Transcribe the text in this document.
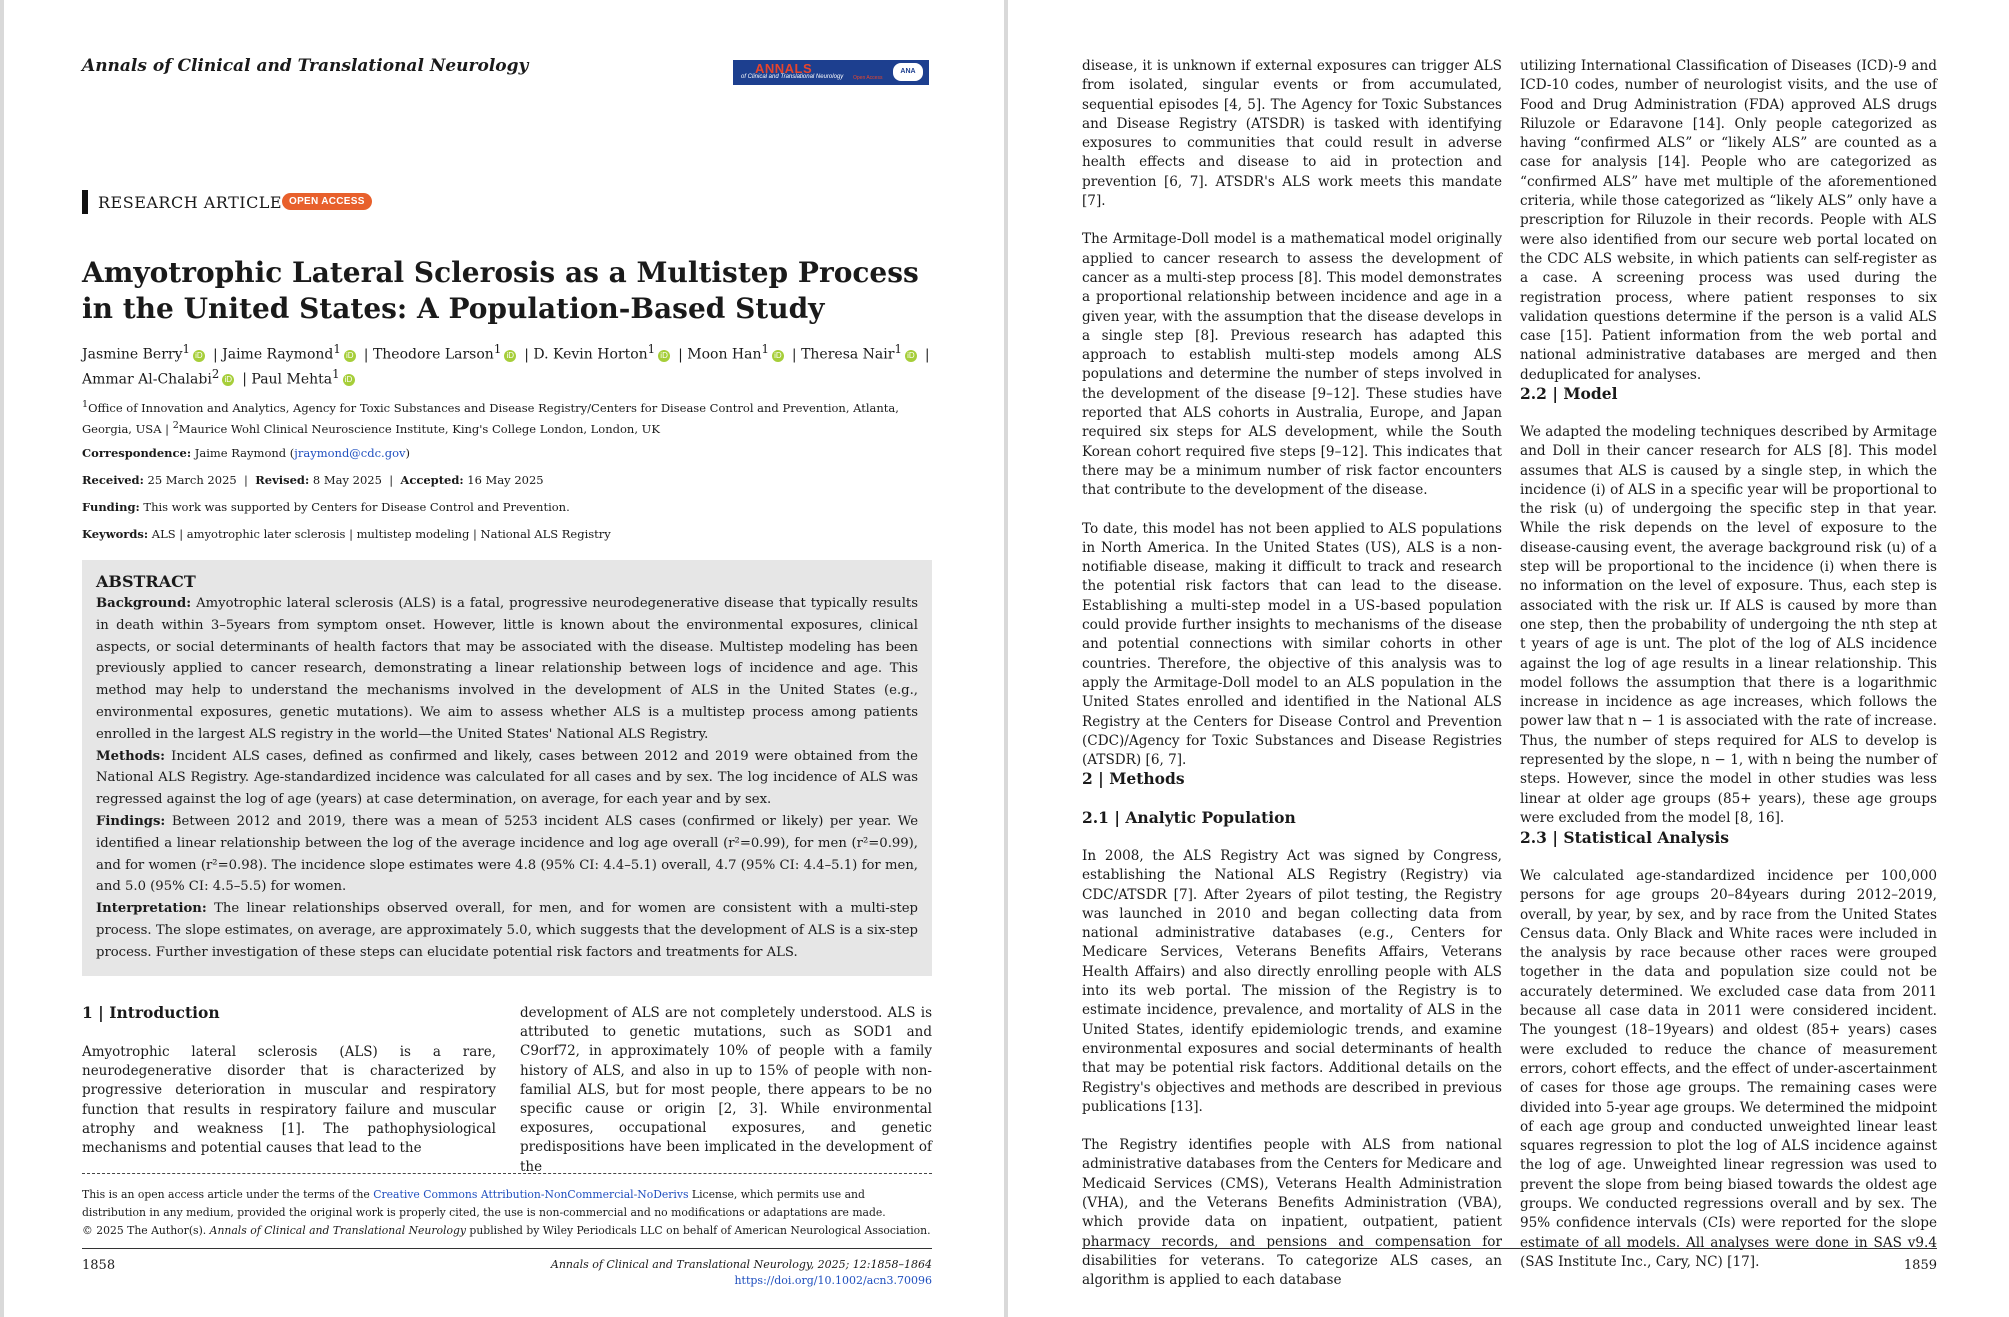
Annals of Clinical and Translational Neurology	ANNALS
of Clinical and Translational Neurology Open Access
ANA
RESEARCH ARTICLE OPEN ACCESS
Amyotrophic Lateral Sclerosis as a Multistep Process in the United States: A Population-Based Study
Jasmine Berry$^1$ iD | Jaime Raymond$^1$ iD | Theodore Larson$^1$ iD | D. Kevin Horton$^1$ iD | Moon Han$^1$ iD | Theresa Nair$^1$ iD |
Ammar Al-Chalabi$^2$ iD | Paul Mehta$^1$ iD
$^1$Office of Innovation and Analytics, Agency for Toxic Substances and Disease Registry/Centers for Disease Control and Prevention, Atlanta, Georgia, USA | $^2$Maurice Wohl Clinical Neuroscience Institute, King's College London, London, UK
Correspondence: Jaime Raymond (jraymond@cdc.gov)
Received: 25 March 2025  |  Revised: 8 May 2025  |  Accepted: 16 May 2025
Funding: This work was supported by Centers for Disease Control and Prevention.
Keywords: ALS | amyotrophic later sclerosis | multistep modeling | National ALS Registry
ABSTRACT

Background: Amyotrophic lateral sclerosis (ALS) is a fatal, progressive neurodegenerative disease that typically results in death within 3–5years from symptom onset. However, little is known about the environmental exposures, clinical aspects, or social determinants of health factors that may be associated with the disease. Multistep modeling has been previously applied to cancer research, demonstrating a linear relationship between logs of incidence and age. This method may help to understand the mechanisms involved in the development of ALS in the United States (e.g., environmental exposures, genetic mutations). We aim to assess whether ALS is a multistep process among patients enrolled in the largest ALS registry in the world—the United States' National ALS Registry.

Methods: Incident ALS cases, defined as confirmed and likely, cases between 2012 and 2019 were obtained from the National ALS Registry. Age-standardized incidence was calculated for all cases and by sex. The log incidence of ALS was regressed against the log of age (years) at case determination, on average, for each year and by sex.

Findings: Between 2012 and 2019, there was a mean of 5253 incident ALS cases (confirmed or likely) per year. We identified a linear relationship between the log of the average incidence and log age overall (r²=0.99), for men (r²=0.99), and for women (r²=0.98). The incidence slope estimates were 4.8 (95% CI: 4.4–5.1) overall, 4.7 (95% CI: 4.4–5.1) for men, and 5.0 (95% CI: 4.5–5.5) for women.

Interpretation: The linear relationships observed overall, for men, and for women are consistent with a multi-step process. The slope estimates, on average, are approximately 5.0, which suggests that the development of ALS is a six-step process. Further investigation of these steps can elucidate potential risk factors and treatments for ALS.

1 | Introduction

Amyotrophic lateral sclerosis (ALS) is a rare, neurodegenerative disorder that is characterized by progressive deterioration in muscular and respiratory function that results in respiratory failure and muscular atrophy and weakness [1]. The pathophysiological mechanisms and potential causes that lead to the

development of ALS are not completely understood. ALS is attributed to genetic mutations, such as SOD1 and C9orf72, in approximately 10% of people with a family history of ALS, and also in up to 15% of people with non-familial ALS, but for most people, there appears to be no specific cause or origin [2, 3]. While environmental exposures, occupational exposures, and genetic predispositions have been implicated in the development of the

This is an open access article under the terms of the Creative Commons Attribution-NonCommercial-NoDerivs License, which permits use and distribution in any medium, provided the original work is properly cited, the use is non-commercial and no modifications or adaptations are made.
© 2025 The Author(s). Annals of Clinical and Translational Neurology published by Wiley Periodicals LLC on behalf of American Neurological Association.
1858	Annals of Clinical and Translational Neurology, 2025; 12:1858–1864
https://doi.org/10.1002/acn3.70096

disease, it is unknown if external exposures can trigger ALS from isolated, singular events or from accumulated, sequential episodes [4, 5]. The Agency for Toxic Substances and Disease Registry (ATSDR) is tasked with identifying exposures to communities that could result in adverse health effects and disease to aid in protection and prevention [6, 7]. ATSDR's ALS work meets this mandate [7].

The Armitage-Doll model is a mathematical model originally applied to cancer research to assess the development of cancer as a multi-step process [8]. This model demonstrates a proportional relationship between incidence and age in a given year, with the assumption that the disease develops in a single step [8]. Previous research has adapted this approach to establish multi-step models among ALS populations and determine the number of steps involved in the development of the disease [9–12]. These studies have reported that ALS cohorts in Australia, Europe, and Japan required six steps for ALS development, while the South Korean cohort required five steps [9–12]. This indicates that there may be a minimum number of risk factor encounters that contribute to the development of the disease.

To date, this model has not been applied to ALS populations in North America. In the United States (US), ALS is a non-notifiable disease, making it difficult to track and research the potential risk factors that can lead to the disease. Establishing a multi-step model in a US-based population could provide further insights to mechanisms of the disease and potential connections with similar cohorts in other countries. Therefore, the objective of this analysis was to apply the Armitage-Doll model to an ALS population in the United States enrolled and identified in the National ALS Registry at the Centers for Disease Control and Prevention (CDC)/Agency for Toxic Substances and Disease Registries (ATSDR) [6, 7].

2 | Methods
2.1 | Analytic Population

In 2008, the ALS Registry Act was signed by Congress, establishing the National ALS Registry (Registry) via CDC/ATSDR [7]. After 2years of pilot testing, the Registry was launched in 2010 and began collecting data from national administrative databases (e.g., Centers for Medicare Services, Veterans Benefits Affairs, Veterans Health Affairs) and also directly enrolling people with ALS into its web portal. The mission of the Registry is to estimate incidence, prevalence, and mortality of ALS in the United States, identify epidemiologic trends, and examine environmental exposures and social determinants of health that may be potential risk factors. Additional details on the Registry's objectives and methods are described in previous publications [13].

The Registry identifies people with ALS from national administrative databases from the Centers for Medicare and Medicaid Services (CMS), Veterans Health Administration (VHA), and the Veterans Benefits Administration (VBA), which provide data on inpatient, outpatient, patient pharmacy records, and pensions and compensation for disabilities for veterans. To categorize ALS cases, an algorithm is applied to each database

utilizing International Classification of Diseases (ICD)-9 and ICD-10 codes, number of neurologist visits, and the use of Food and Drug Administration (FDA) approved ALS drugs Riluzole or Edaravone [14]. Only people categorized as having “confirmed ALS” or “likely ALS” are counted as a case for analysis [14]. People who are categorized as “confirmed ALS” have met multiple of the aforementioned criteria, while those categorized as “likely ALS” only have a prescription for Riluzole in their records. People with ALS were also identified from our secure web portal located on the CDC ALS website, in which patients can self-register as a case. A screening process was used during the registration process, where patient responses to six validation questions determine if the person is a valid ALS case [15]. Patient information from the web portal and national administrative databases are merged and then deduplicated for analyses.

2.2 | Model

We adapted the modeling techniques described by Armitage and Doll in their cancer research for ALS [8]. This model assumes that ALS is caused by a single step, in which the incidence (i) of ALS in a specific year will be proportional to the risk (u) of undergoing the specific step in that year. While the risk depends on the level of exposure to the disease-causing event, the average background risk (u) of a step will be proportional to the incidence (i) when there is no information on the level of exposure. Thus, each step is associated with the risk ur. If ALS is caused by more than one step, then the probability of undergoing the nth step at t years of age is unt. The plot of the log of ALS incidence against the log of age results in a linear relationship. This model follows the assumption that there is a logarithmic increase in incidence as age increases, which follows the power law that n − 1 is associated with the rate of increase. Thus, the number of steps required for ALS to develop is represented by the slope, n − 1, with n being the number of steps. However, since the model in other studies was less linear at older age groups (85+ years), these age groups were excluded from the model [8, 16].

2.3 | Statistical Analysis

We calculated age-standardized incidence per 100,000 persons for age groups 20–84years during 2012–2019, overall, by year, by sex, and by race from the United States Census data. Only Black and White races were included in the analysis by race because other races were grouped together in the data and population size could not be accurately determined. We excluded case data from 2011 because all case data in 2011 were considered incident. The youngest (18–19years) and oldest (85+ years) cases were excluded to reduce the chance of measurement errors, cohort effects, and the effect of under-ascertainment of cases for those age groups. The remaining cases were divided into 5-year age groups. We determined the midpoint of each age group and conducted unweighted linear least squares regression to plot the log of ALS incidence against the log of age. Unweighted linear regression was used to prevent the slope from being biased towards the oldest age groups. We conducted regressions overall and by sex. The 95% confidence intervals (CIs) were reported for the slope estimate of all models. All analyses were done in SAS v9.4 (SAS Institute Inc., Cary, NC) [17].	1859
